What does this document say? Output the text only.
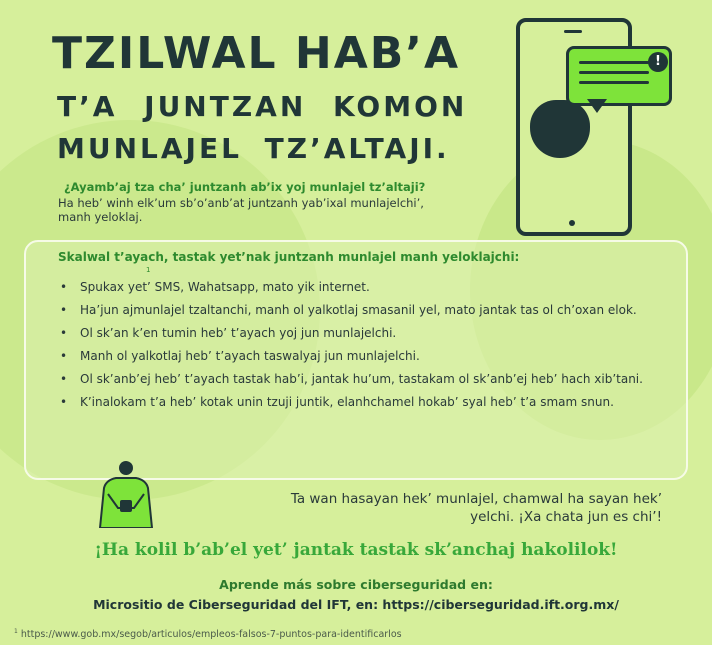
TZILWAL HAB’A
T’A JUNTZAN KOMON
MUNLAJEL TZ’ALTAJI.
¿Ayamb’aj tza cha’ juntzanh ab’ix yoj munlajel tz’altaji?
Ha heb’ winh elk’um sb’o’anb’at juntzanh yab’ixal munlajelchi’, manh yeloklaj.
!
Skalwal t’ayach, tastak yet’nak juntzanh munlajel manh yeloklajchi:
1
• Spukax yet’ SMS, Wahatsapp, mato yik internet.
• Ha’jun ajmunlajel tzaltanchi, manh ol yalkotlaj smasanil yel, mato jantak tas ol ch’oxan elok.
• Ol sk’an k’en tumin heb’ t’ayach yoj jun munlajelchi.
• Manh ol yalkotlaj heb’ t’ayach taswalyaj jun munlajelchi.
• Ol sk’anb’ej heb’ t’ayach tastak hab’i, jantak hu’um, tastakam ol sk’anb’ej heb’ hach xib’tani.
• K’inalokam t’a heb’ kotak unin tzuji juntik, elanhchamel hokab’ syal heb’ t’a smam snun.
Ta wan hasayan hek’ munlajel, chamwal ha sayan hek’ yelchi. ¡Xa chata jun es chi’!
¡Ha kolil b’ab’el yet’ jantak tastak sk’anchaj hakolilok!
Aprende más sobre ciberseguridad en:
Micrositio de Ciberseguridad del IFT, en: https://ciberseguridad.ift.org.mx/
$^1$ https://www.gob.mx/segob/articulos/empleos-falsos-7-puntos-para-identificarlos
